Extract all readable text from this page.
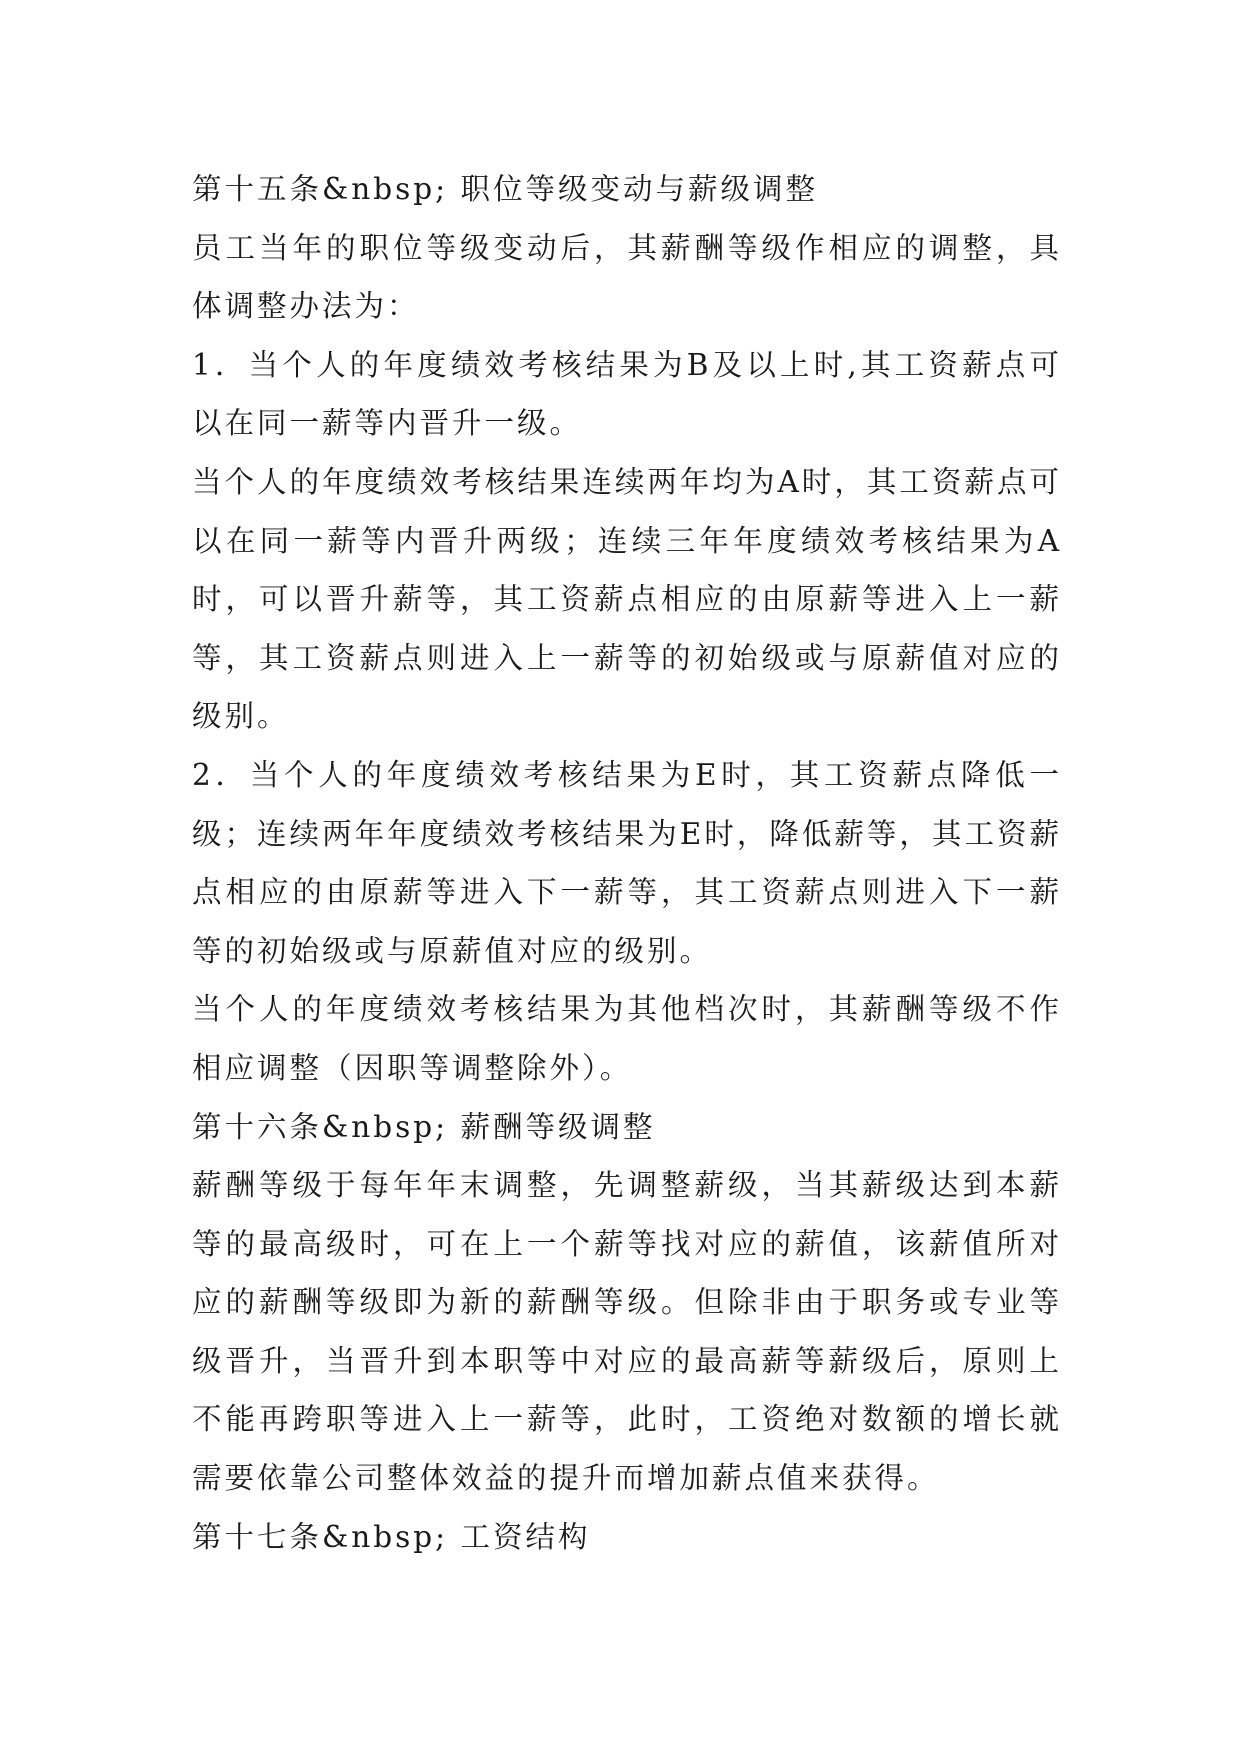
第十五条&nbsp; 职位等级变动与薪级调整

员工当年的职位等级变动后，其薪酬等级作相应的调整，具体调整办法为：

1．当个人的年度绩效考核结果为B及以上时,其工资薪点可以在同一薪等内晋升一级。

当个人的年度绩效考核结果连续两年均为A时，其工资薪点可以在同一薪等内晋升两级；连续三年年度绩效考核结果为A时，可以晋升薪等，其工资薪点相应的由原薪等进入上一薪等，其工资薪点则进入上一薪等的初始级或与原薪值对应的级别。

2．当个人的年度绩效考核结果为E时，其工资薪点降低一级；连续两年年度绩效考核结果为E时，降低薪等，其工资薪点相应的由原薪等进入下一薪等，其工资薪点则进入下一薪等的初始级或与原薪值对应的级别。

当个人的年度绩效考核结果为其他档次时，其薪酬等级不作相应调整（因职等调整除外）。

第十六条&nbsp; 薪酬等级调整

薪酬等级于每年年末调整，先调整薪级，当其薪级达到本薪等的最高级时，可在上一个薪等找对应的薪值，该薪值所对应的薪酬等级即为新的薪酬等级。但除非由于职务或专业等级晋升，当晋升到本职等中对应的最高薪等薪级后，原则上不能再跨职等进入上一薪等，此时，工资绝对数额的增长就需要依靠公司整体效益的提升而增加薪点值来获得。

第十七条&nbsp; 工资结构
